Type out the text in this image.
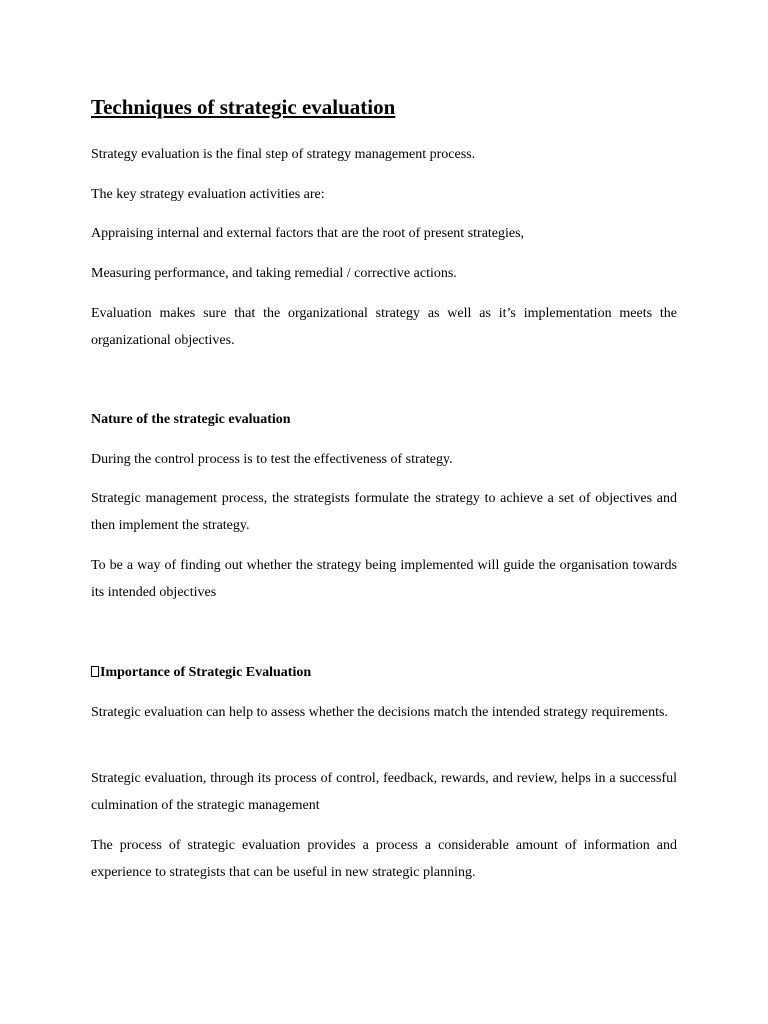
Techniques of strategic evaluation

Strategy evaluation is the final step of strategy management process.

The key strategy evaluation activities are:

Appraising internal and external factors that are the root of present strategies,

Measuring performance, and taking remedial / corrective actions.

Evaluation makes sure that the organizational strategy as well as it’s implementation meets the organizational objectives.

Nature of the strategic evaluation

During the control process is to test the effectiveness of strategy.

Strategic management process, the strategists formulate the strategy to achieve a set of objectives and then implement the strategy.

To be a way of finding out whether the strategy being implemented will guide the organisation towards its intended objectives

Importance of Strategic Evaluation

Strategic evaluation can help to assess whether the decisions match the intended strategy requirements.

Strategic evaluation, through its process of control, feedback, rewards, and review, helps in a successful culmination of the strategic management

The process of strategic evaluation provides a process a considerable amount of information and experience to strategists that can be useful in new strategic planning.
